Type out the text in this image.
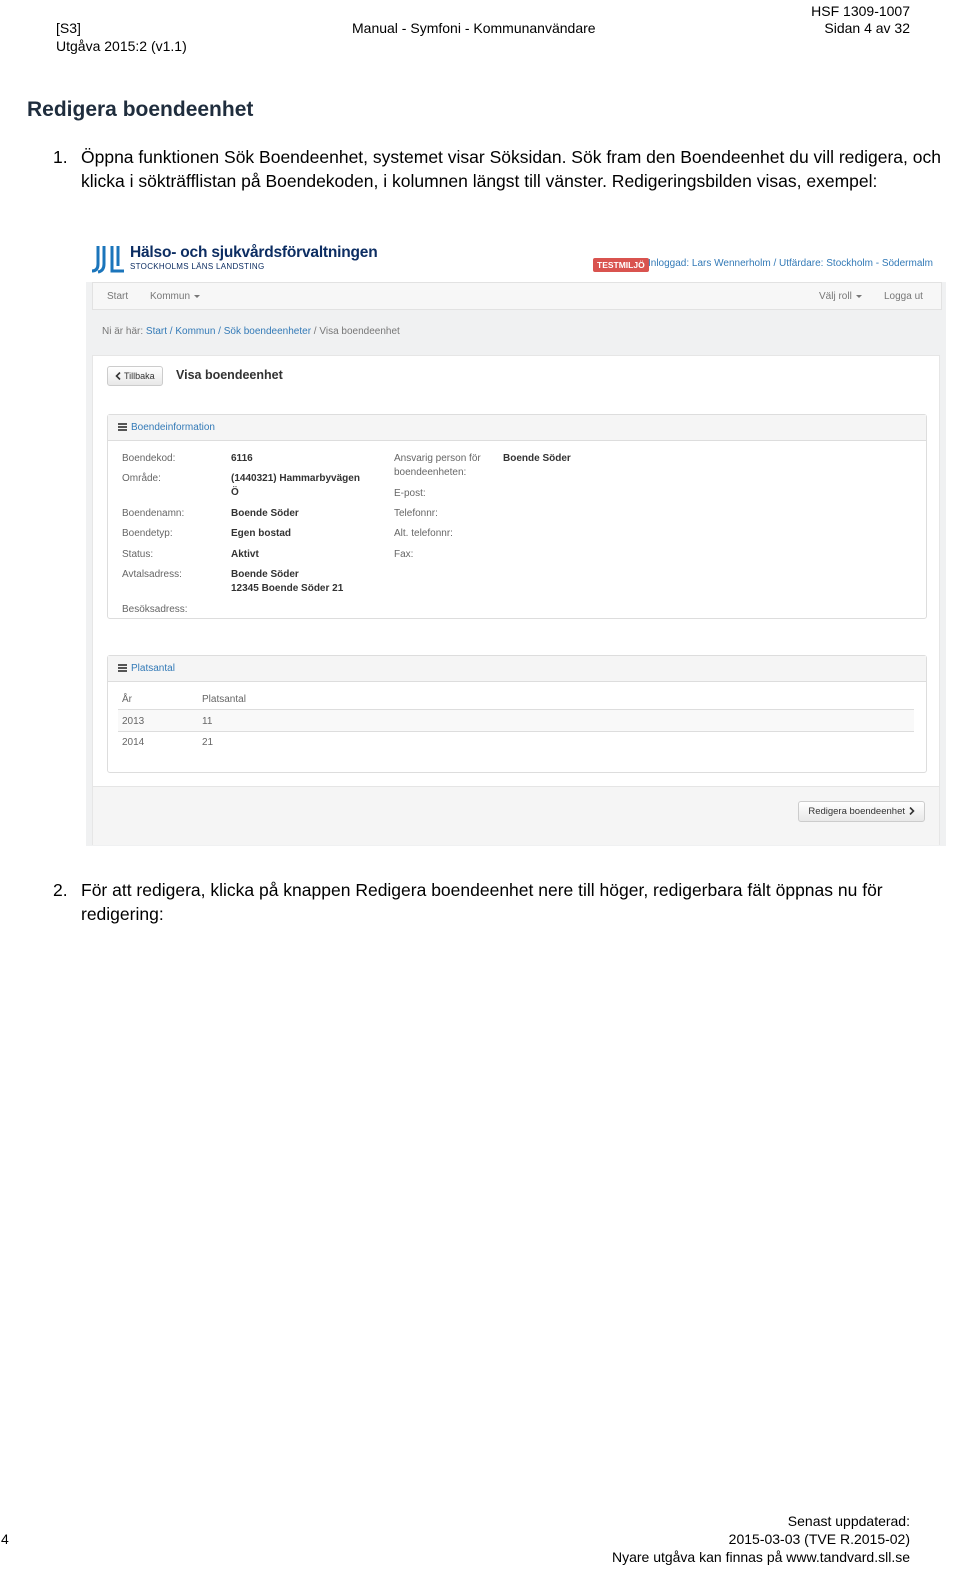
HSF 1309-1007
[S3]
Utgåva 2015:2 (v1.1)
Manual - Symfoni - Kommunanvändare	Sidan 4 av 32
Redigera boendeenhet
1. Öppna funktionen Sök Boendeenhet, systemet visar Söksidan. Sök fram den Boendeenhet du vill redigera, och klicka i sökträfflistan på Boendekoden, i kolumnen längst till vänster. Redigeringsbilden visas, exempel:
Hälso- och sjukvårdsförvaltningen
STOCKHOLMS LÄNS LANDSTING	TESTMILJÖ Inloggad: Lars Wennerholm / Utfärdare: Stockholm - Södermalm
Start Kommun	Välj roll	Logga ut
Ni är här: Start / Kommun / Sök boendeenheter / Visa boendeenhet
Tillbaka	Visa boendeenhet
Boendeinformation
Boendekod:	6116
Område:	(1440321) Hammarbyvägen
Ö
Boendenamn:	Boende Söder
Boendetyp:	Egen bostad
Status:	Aktivt
Avtalsadress:	Boende Söder
12345 Boende Söder 21
Besöksadress:
Ansvarig person för
boendeenheten:
Boende Söder
E-post:
Telefonnr:
Alt. telefonnr:
Fax:
Platsantal
År	Platsantal
2013	11
2014	21
Redigera boendeenhet
2. För att redigera, klicka på knappen Redigera boendeenhet nere till höger, redigerbara fält öppnas nu för redigering:
4
Senast uppdaterad:
2015-03-03 (TVE R.2015-02)
Nyare utgåva kan finnas på www.tandvard.sll.se
